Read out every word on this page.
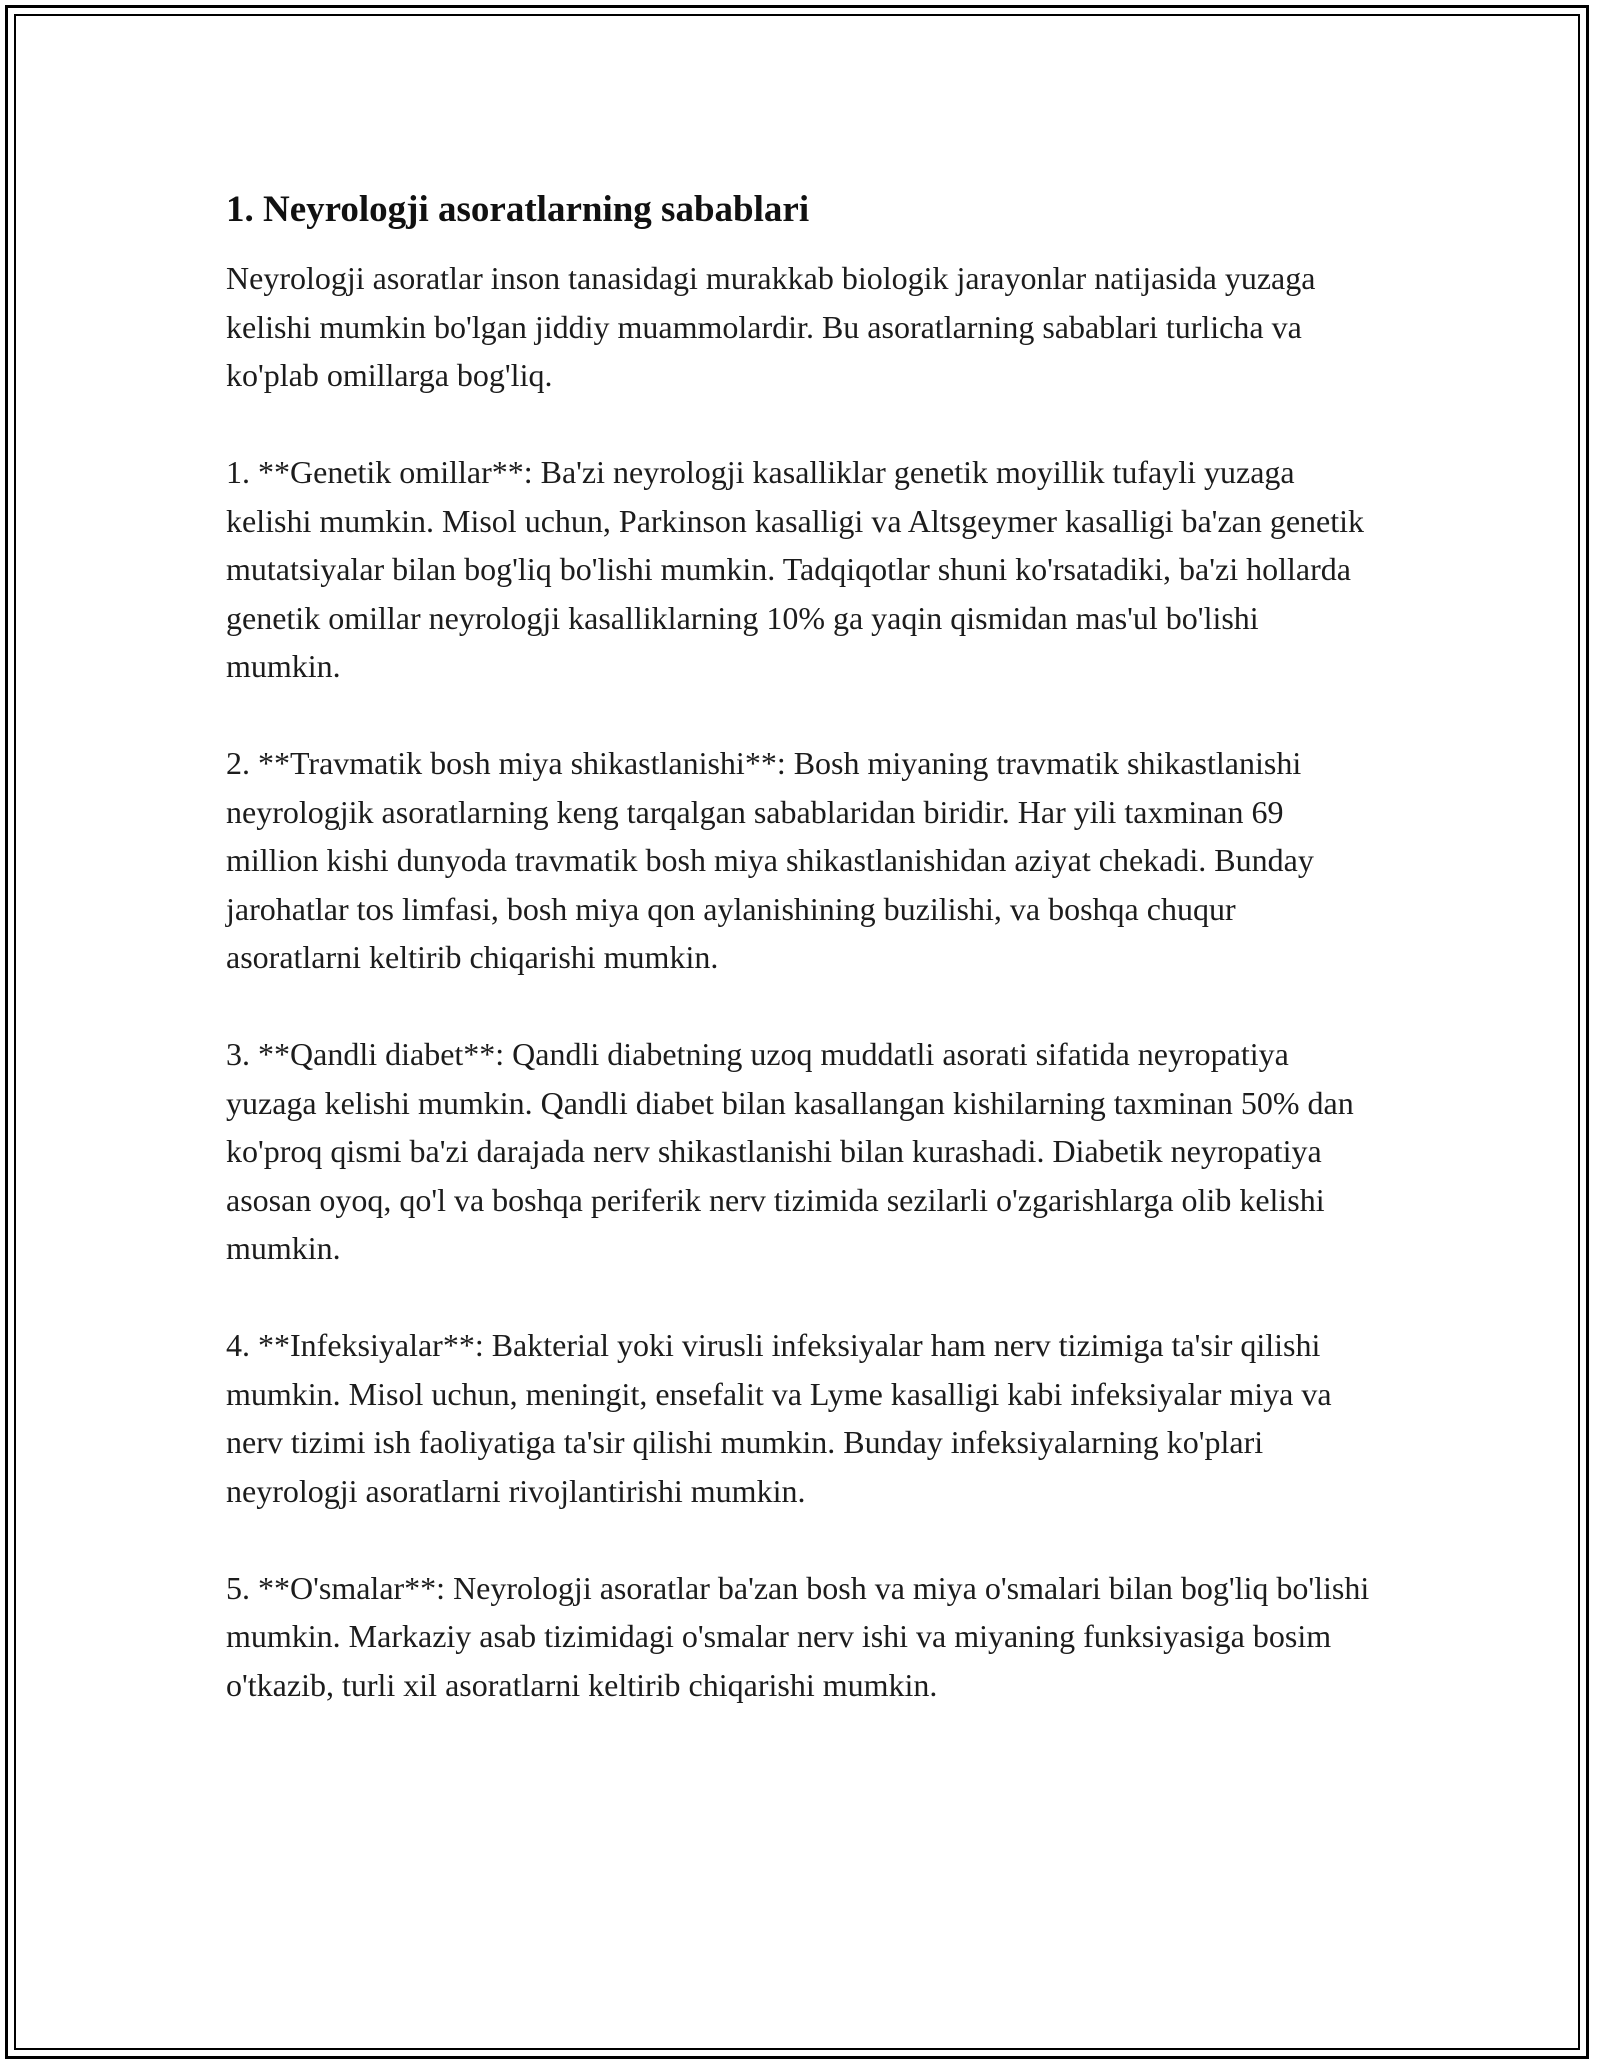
1. Neyrologji asoratlarning sabablari

Neyrologji asoratlar inson tanasidagi murakkab biologik jarayonlar natijasida yuzaga kelishi mumkin bo'lgan jiddiy muammolardir. Bu asoratlarning sabablari turlicha va ko'plab omillarga bog'liq.

1. **Genetik omillar**: Ba'zi neyrologji kasalliklar genetik moyillik tufayli yuzaga kelishi mumkin. Misol uchun, Parkinson kasalligi va Altsgeymer kasalligi ba'zan genetik mutatsiyalar bilan bog'liq bo'lishi mumkin. Tadqiqotlar shuni ko'rsatadiki, ba'zi hollarda genetik omillar neyrologji kasalliklarning 10% ga yaqin qismidan mas'ul bo'lishi mumkin.

2. **Travmatik bosh miya shikastlanishi**: Bosh miyaning travmatik shikastlanishi neyrologjik asoratlarning keng tarqalgan sabablaridan biridir. Har yili taxminan 69 million kishi dunyoda travmatik bosh miya shikastlanishidan aziyat chekadi. Bunday jarohatlar tos limfasi, bosh miya qon aylanishining buzilishi, va boshqa chuqur asoratlarni keltirib chiqarishi mumkin.

3. **Qandli diabet**: Qandli diabetning uzoq muddatli asorati sifatida neyropatiya yuzaga kelishi mumkin. Qandli diabet bilan kasallangan kishilarning taxminan 50% dan ko'proq qismi ba'zi darajada nerv shikastlanishi bilan kurashadi. Diabetik neyropatiya asosan oyoq, qo'l va boshqa periferik nerv tizimida sezilarli o'zgarishlarga olib kelishi mumkin.

4. **Infeksiyalar**: Bakterial yoki virusli infeksiyalar ham nerv tizimiga ta'sir qilishi mumkin. Misol uchun, meningit, ensefalit va Lyme kasalligi kabi infeksiyalar miya va nerv tizimi ish faoliyatiga ta'sir qilishi mumkin. Bunday infeksiyalarning ko'plari neyrologji asoratlarni rivojlantirishi mumkin.

5. **O'smalar**: Neyrologji asoratlar ba'zan bosh va miya o'smalari bilan bog'liq bo'lishi mumkin. Markaziy asab tizimidagi o'smalar nerv ishi va miyaning funksiyasiga bosim o'tkazib, turli xil asoratlarni keltirib chiqarishi mumkin.
